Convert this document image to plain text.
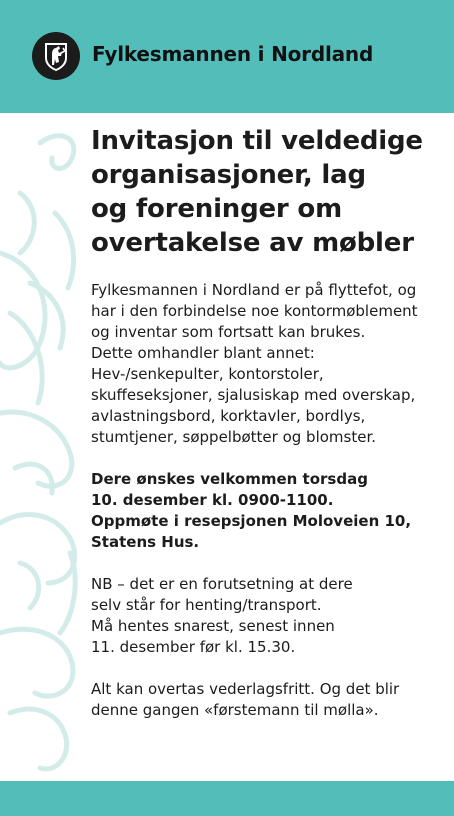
Fylkesmannen i Nordland
Invitasjon til veldedige
organisasjoner, lag
og foreninger om
overtakelse av møbler

Fylkesmannen i Nordland er på flyttefot, og
har i den forbindelse noe kontormøblement
og inventar som fortsatt kan brukes.
Dette omhandler blant annet:
Hev-/senkepulter, kontorstoler,
skuffeseksjoner, sjalusiskap med overskap,
avlastningsbord, korktavler, bordlys,
stumtjener, søppelbøtter og blomster.

Dere ønskes velkommen torsdag
10. desember kl. 0900-1100.
Oppmøte i resepsjonen Moloveien 10,
Statens Hus.

NB – det er en forutsetning at dere
selv står for henting/transport.
Må hentes snarest, senest innen
11. desember før kl. 15.30.

Alt kan overtas vederlagsfritt. Og det blir
denne gangen «førstemann til mølla».
